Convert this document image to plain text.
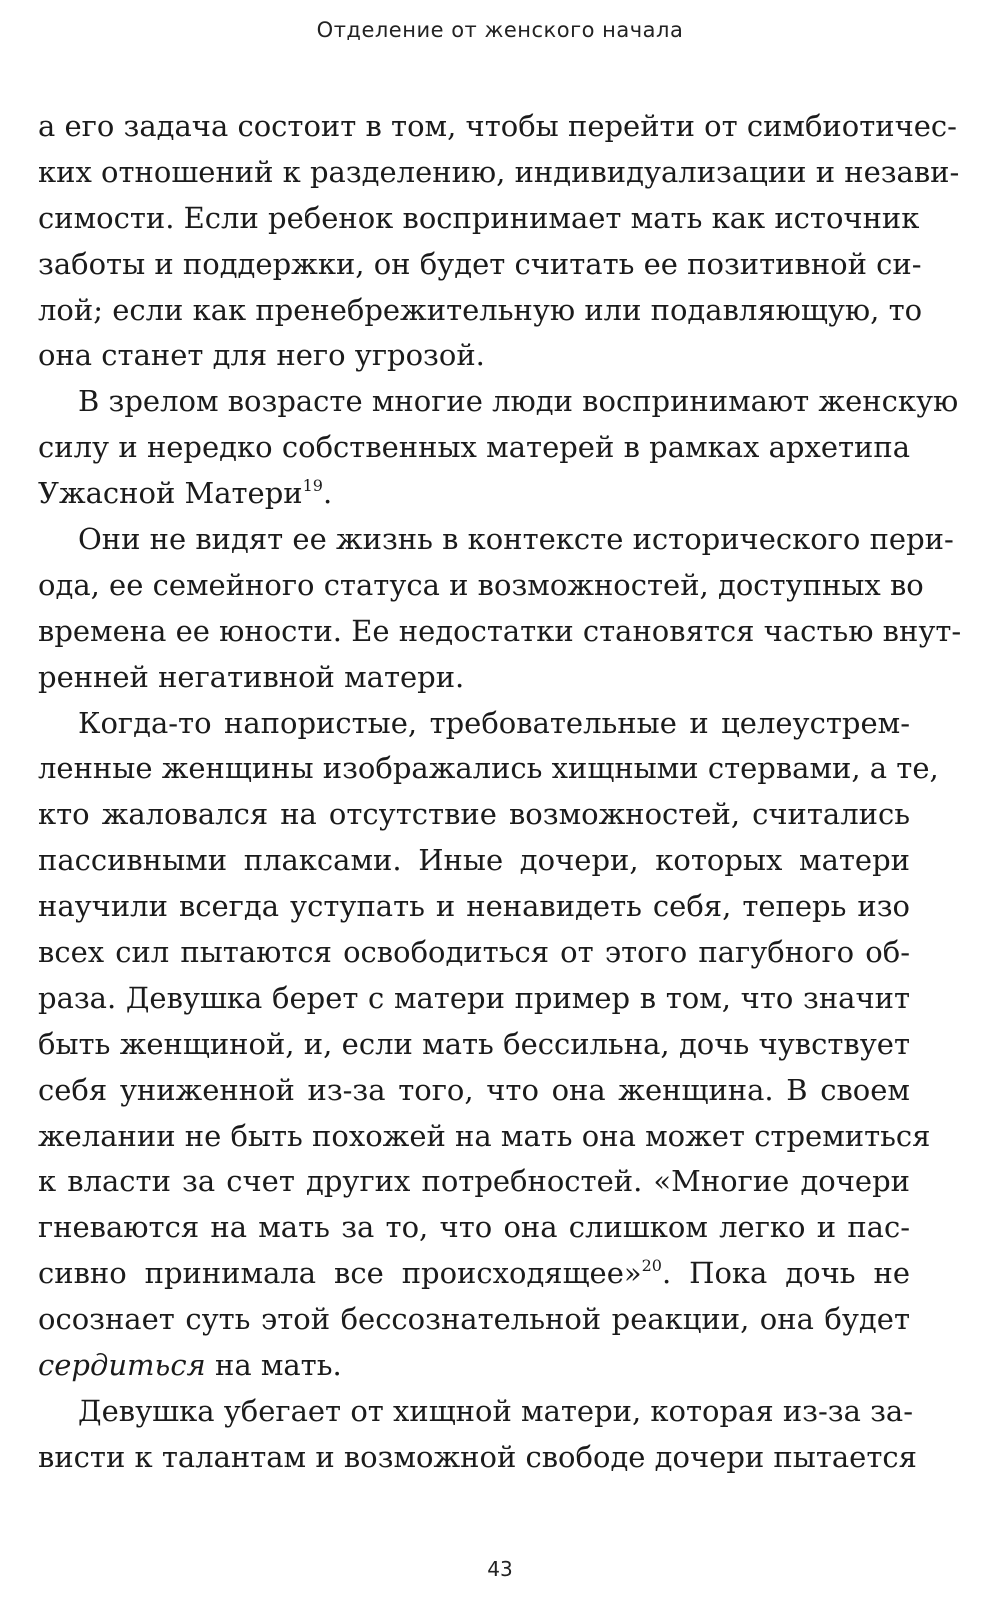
Отделение от женского начала
а его задача состоит в том, чтобы перейти от симбиотичес-
ких отношений к разделению, индивидуализации и незави-
симости. Если ребенок воспринимает мать как источник
заботы и поддержки, он будет считать ее позитивной си-
лой; если как пренебрежительную или подавляющую, то
она станет для него угрозой.
В зрелом возрасте многие люди воспринимают женскую
силу и нередко собственных матерей в рамках архетипа
Ужасной Матери$^{19}$.
Они не видят ее жизнь в контексте исторического пери-
ода, ее семейного статуса и возможностей, доступных во
времена ее юности. Ее недостатки становятся частью внут-
ренней негативной матери.
Когда-то напористые, требовательные и целеустрем-
ленные женщины изображались хищными стервами, а те,
кто жаловался на отсутствие возможностей, считались
пассивными плаксами. Иные дочери, которых матери
научили всегда уступать и ненавидеть себя, теперь изо
всех сил пытаются освободиться от этого пагубного об-
раза. Девушка берет с матери пример в том, что значит
быть женщиной, и, если мать бессильна, дочь чувствует
себя униженной из-за того, что она женщина. В своем
желании не быть похожей на мать она может стремиться
к власти за счет других потребностей. «Многие дочери
гневаются на мать за то, что она слишком легко и пас-
сивно принимала все происходящее»$^{20}$. Пока дочь не
осознает суть этой бессознательной реакции, она будет
сердиться на мать.
Девушка убегает от хищной матери, которая из-за за-
висти к талантам и возможной свободе дочери пытается
43
